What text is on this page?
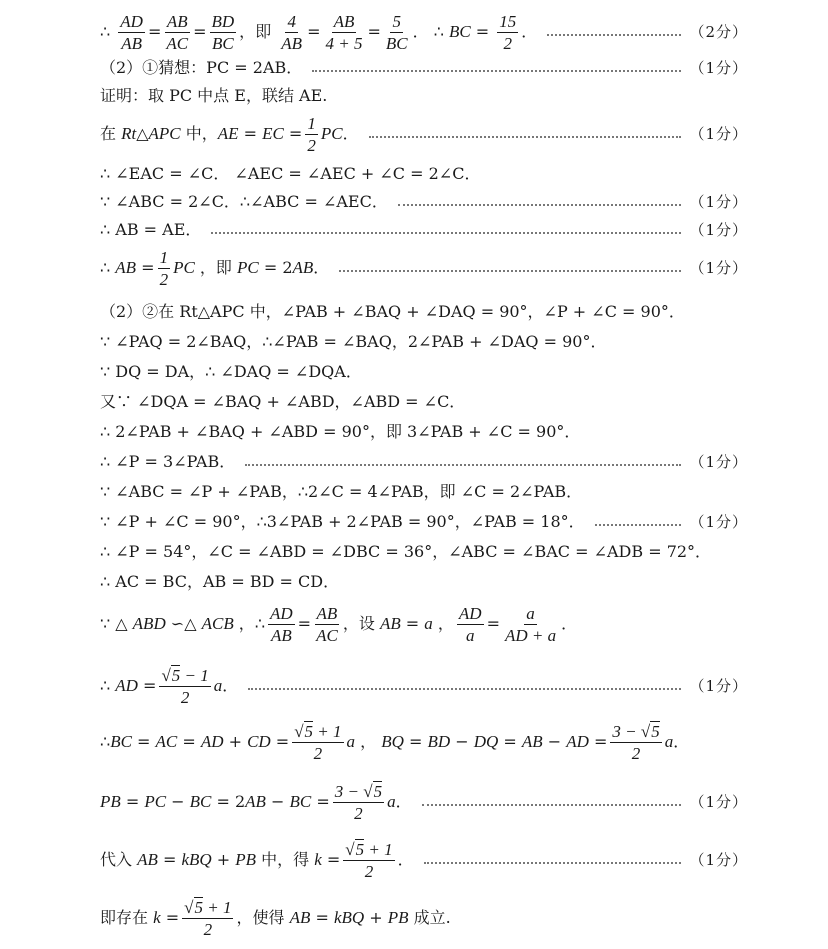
∴

AD
AB
=
AB
AC
=
BD
BC
， 即

4
AB
=
AB
4 + 5
=
5
BC
． ∴
BC =
15
2
．	（2分）
（2）①猜想：PC = 2AB．	（1分）
证明：取 PC 中点 E，联结 AE.
在
Rt △ APC
中， AE = EC =
1
2
PC ．	（1分）
∴ ∠EAC = ∠C． ∠AEC = ∠AEC + ∠C = 2∠C．
∵ ∠ABC = 2∠C．∴∠ABC = ∠AEC．	（1分）
∴ AB = AE．	（1分）
∴
AB =
1
2
PC ， 即
PC = 2 AB ．	（1分）
（2）②在 Rt△APC 中，∠PAB + ∠BAQ + ∠DAQ = 90°，∠P + ∠C = 90°．
∵ ∠PAQ = 2∠BAQ，∴∠PAB = ∠BAQ，2∠PAB + ∠DAQ = 90°．
∵ DQ = DA，∴ ∠DAQ = ∠DQA．
又∵ ∠DQA = ∠BAQ + ∠ABD，∠ABD = ∠C．
∴ 2∠PAB + ∠BAQ + ∠ABD = 90°，即 3∠PAB + ∠C = 90°．
∴ ∠P = 3∠PAB．	（1分）
∵ ∠ABC = ∠P + ∠PAB，∴2∠C = 4∠PAB，即 ∠C = 2∠PAB．
∵ ∠P + ∠C = 90°，∴3∠PAB + 2∠PAB = 90°，∠PAB = 18°．	（1分）
∴ ∠P = 54°，∠C = ∠ABD = ∠DBC = 36°，∠ABC = ∠BAC = ∠ADB = 72°．
∴ AC = BC，AB = BD = CD．
∵ △ ABD ∽△ ACB ， ∴
AD
AB
=
AB
AC
， 设
AB = a ，
AD
a
=
a
AD + a
．
∴
AD =
√5 − 1
2
a ．	（1分）
∴ BC = AC = AD + CD =
√5 + 1
2
a ， BQ = BD − DQ = AB − AD =
3 − √5
2
a ．
PB = PC − BC = 2 AB − BC =
3 − √5
2
a ．	（1分）
代入
AB = kBQ + PB 中， 得
k =
√5 + 1
2
．	（1分）
即存在
k =
√5 + 1
2
， 使得
AB = kBQ + PB
成立.
